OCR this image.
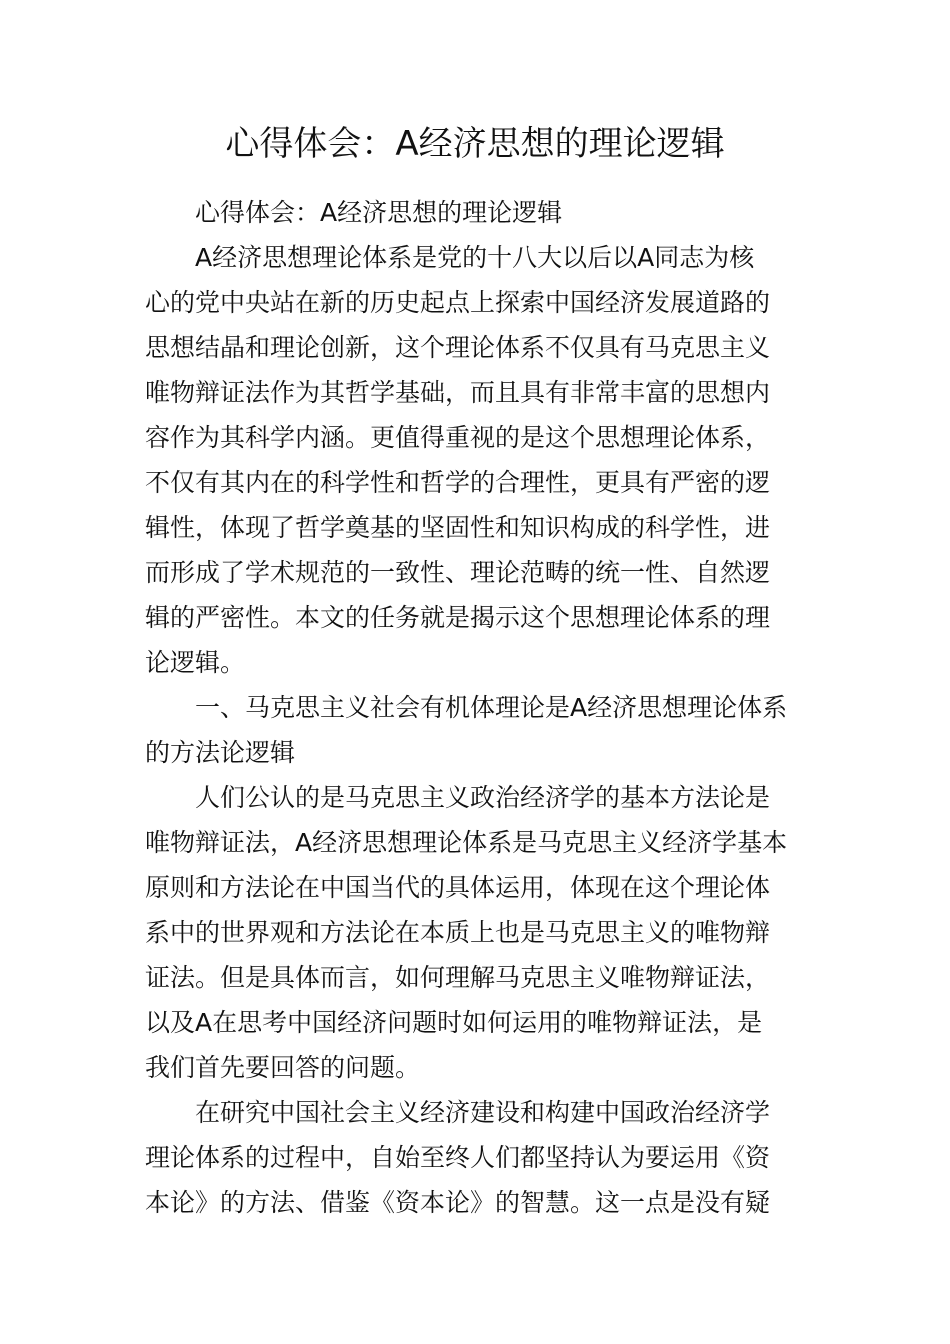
心得体会：A经济思想的理论逻辑
心得体会：A经济思想的理论逻辑
A经济思想理论体系是党的十八大以后以A同志为核
心的党中央站在新的历史起点上探索中国经济发展道路的
思想结晶和理论创新，这个理论体系不仅具有马克思主义
唯物辩证法作为其哲学基础，而且具有非常丰富的思想内
容作为其科学内涵。更值得重视的是这个思想理论体系，
不仅有其内在的科学性和哲学的合理性，更具有严密的逻
辑性，体现了哲学奠基的坚固性和知识构成的科学性，进
而形成了学术规范的一致性、理论范畴的统一性、自然逻
辑的严密性。本文的任务就是揭示这个思想理论体系的理
论逻辑。
一、马克思主义社会有机体理论是A经济思想理论体系
的方法论逻辑
人们公认的是马克思主义政治经济学的基本方法论是
唯物辩证法，A经济思想理论体系是马克思主义经济学基本
原则和方法论在中国当代的具体运用，体现在这个理论体
系中的世界观和方法论在本质上也是马克思主义的唯物辩
证法。但是具体而言，如何理解马克思主义唯物辩证法，
以及A在思考中国经济问题时如何运用的唯物辩证法，是
我们首先要回答的问题。
在研究中国社会主义经济建设和构建中国政治经济学
理论体系的过程中，自始至终人们都坚持认为要运用《资
本论》的方法、借鉴《资本论》的智慧。这一点是没有疑
